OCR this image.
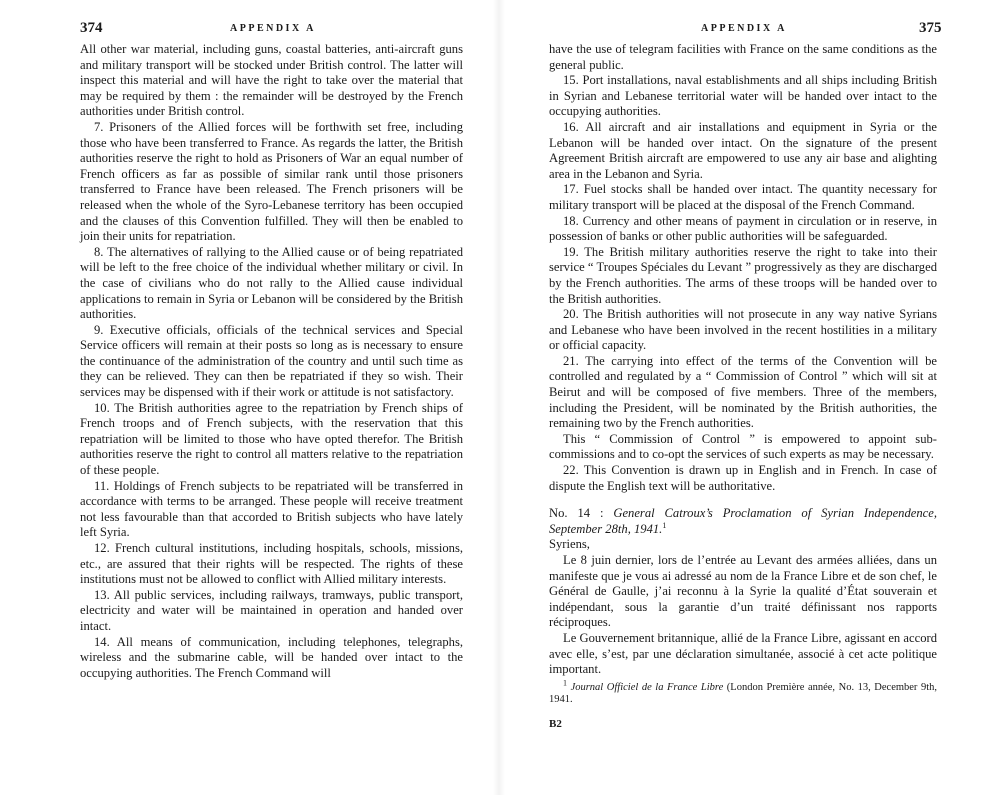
374	APPENDIX A

All other war material, including guns, coastal batteries, anti-aircraft guns and military transport will be stocked under British control. The latter will inspect this material and will have the right to take over the material that may be required by them : the remainder will be destroyed by the French authorities under British control.

7. Prisoners of the Allied forces will be forthwith set free, including those who have been transferred to France. As regards the latter, the British authorities reserve the right to hold as Prisoners of War an equal number of French officers as far as possible of similar rank until those prisoners transferred to France have been released. The French prisoners will be released when the whole of the Syro-Lebanese territory has been occupied and the clauses of this Convention fulfilled. They will then be enabled to join their units for repatriation.

8. The alternatives of rallying to the Allied cause or of being repatriated will be left to the free choice of the individual whether military or civil. In the case of civilians who do not rally to the Allied cause individual applications to remain in Syria or Lebanon will be considered by the British authorities.

9. Executive officials, officials of the technical services and Special Service officers will remain at their posts so long as is necessary to ensure the continuance of the administration of the country and until such time as they can be relieved. They can then be repatriated if they so wish. Their services may be dispensed with if their work or attitude is not satisfactory.

10. The British authorities agree to the repatriation by French ships of French troops and of French subjects, with the reservation that this repatriation will be limited to those who have opted therefor. The British authorities reserve the right to control all matters relative to the repatriation of these people.

11. Holdings of French subjects to be repatriated will be transferred in accordance with terms to be arranged. These people will receive treatment not less favourable than that accorded to British subjects who have lately left Syria.

12. French cultural institutions, including hospitals, schools, missions, etc., are assured that their rights will be respected. The rights of these institutions must not be allowed to conflict with Allied military interests.

13. All public services, including railways, tramways, public transport, electricity and water will be maintained in operation and handed over intact.

14. All means of communication, including telephones, telegraphs, wireless and the submarine cable, will be handed over intact to the occupying authorities. The French Command will

APPENDIX A	375

have the use of telegram facilities with France on the same conditions as the general public.

15. Port installations, naval establishments and all ships including British in Syrian and Lebanese territorial water will be handed over intact to the occupying authorities.

16. All aircraft and air installations and equipment in Syria or the Lebanon will be handed over intact. On the signature of the present Agreement British aircraft are empowered to use any air base and alighting area in the Lebanon and Syria.

17. Fuel stocks shall be handed over intact. The quantity necessary for military transport will be placed at the disposal of the French Command.

18. Currency and other means of payment in circulation or in reserve, in possession of banks or other public authorities will be safeguarded.

19. The British military authorities reserve the right to take into their service “ Troupes Spéciales du Levant ” progressively as they are discharged by the French authorities. The arms of these troops will be handed over to the British authorities.

20. The British authorities will not prosecute in any way native Syrians and Lebanese who have been involved in the recent hostilities in a military or official capacity.

21. The carrying into effect of the terms of the Convention will be controlled and regulated by a “ Commission of Control ” which will sit at Beirut and will be composed of five members. Three of the members, including the President, will be nominated by the British authorities, the remaining two by the French authorities.

This “ Commission of Control ” is empowered to appoint sub-commissions and to co-opt the services of such experts as may be necessary.

22. This Convention is drawn up in English and in French. In case of dispute the English text will be authoritative.

No. 14 : General Catroux’s Proclamation of Syrian Independence, September 28th, 1941.$^1$

Syriens,

Le 8 juin dernier, lors de l’entrée au Levant des armées alliées, dans un manifeste que je vous ai adressé au nom de la France Libre et de son chef, le Général de Gaulle, j’ai reconnu à la Syrie la qualité d’État souverain et indépendant, sous la garantie d’un traité définissant nos rapports réciproques.

Le Gouvernement britannique, allié de la France Libre, agissant en accord avec elle, s’est, par une déclaration simultanée, associé à cet acte politique important.

$^1$ Journal Officiel de la France Libre (London Première année, No. 13, December 9th, 1941.

B2
